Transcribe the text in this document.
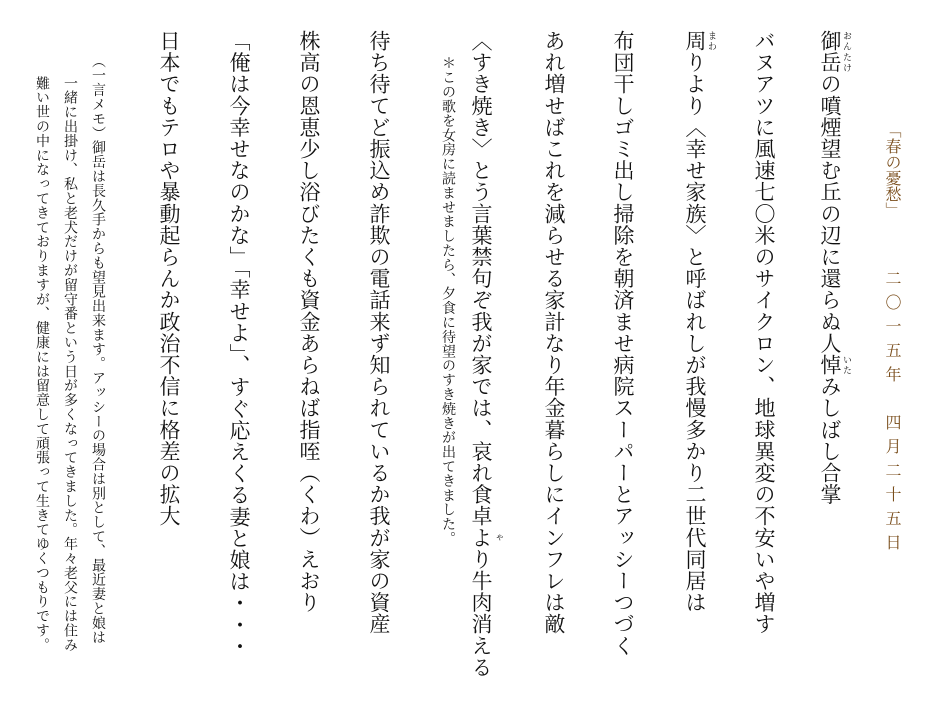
「春の憂愁」
二〇一五年　四月二十五日
御岳 おんたけの噴煙望む丘の辺に還らぬ人悼 いたみしばし合掌
バヌアツに風速七〇米のサイクロン、地球異変の不安いや増す
周 まわりより〈幸せ家族〉と呼ばれしが我慢多かり二世代同居は
布団干しゴミ出し掃除を朝済ませ病院スーパーとアッシーつづく
あれ増せばこれを減らせる家計なり年金暮らしにインフレは敵
〈すき焼き〉とう言葉禁句ぞ我が家では、哀れ食卓よ ゃり牛肉消える
＊この歌を女房に読ませましたら、夕食に待望のすき焼きが出てきました。
待ち待てど振込め詐欺の電話来ず知られているか我が家の資産
株高の恩恵少し浴びたくも資金あらねば指咥（くわ）えおり
「俺は今幸せなのかな」「幸せよ」、すぐ応えくる妻と娘は・・・
日本でもテロや暴動起らんか政治不信に格差の拡大
（一言メモ）御岳は長久手からも望見出来ます。アッシーの場合は別として、最近妻と娘は
一緒に出掛け、私と老犬だけが留守番という日が多くなってきました。年々老父には住み
難い世の中になってきておりますが、健康には留意して頑張って生きてゆくつもりです。
